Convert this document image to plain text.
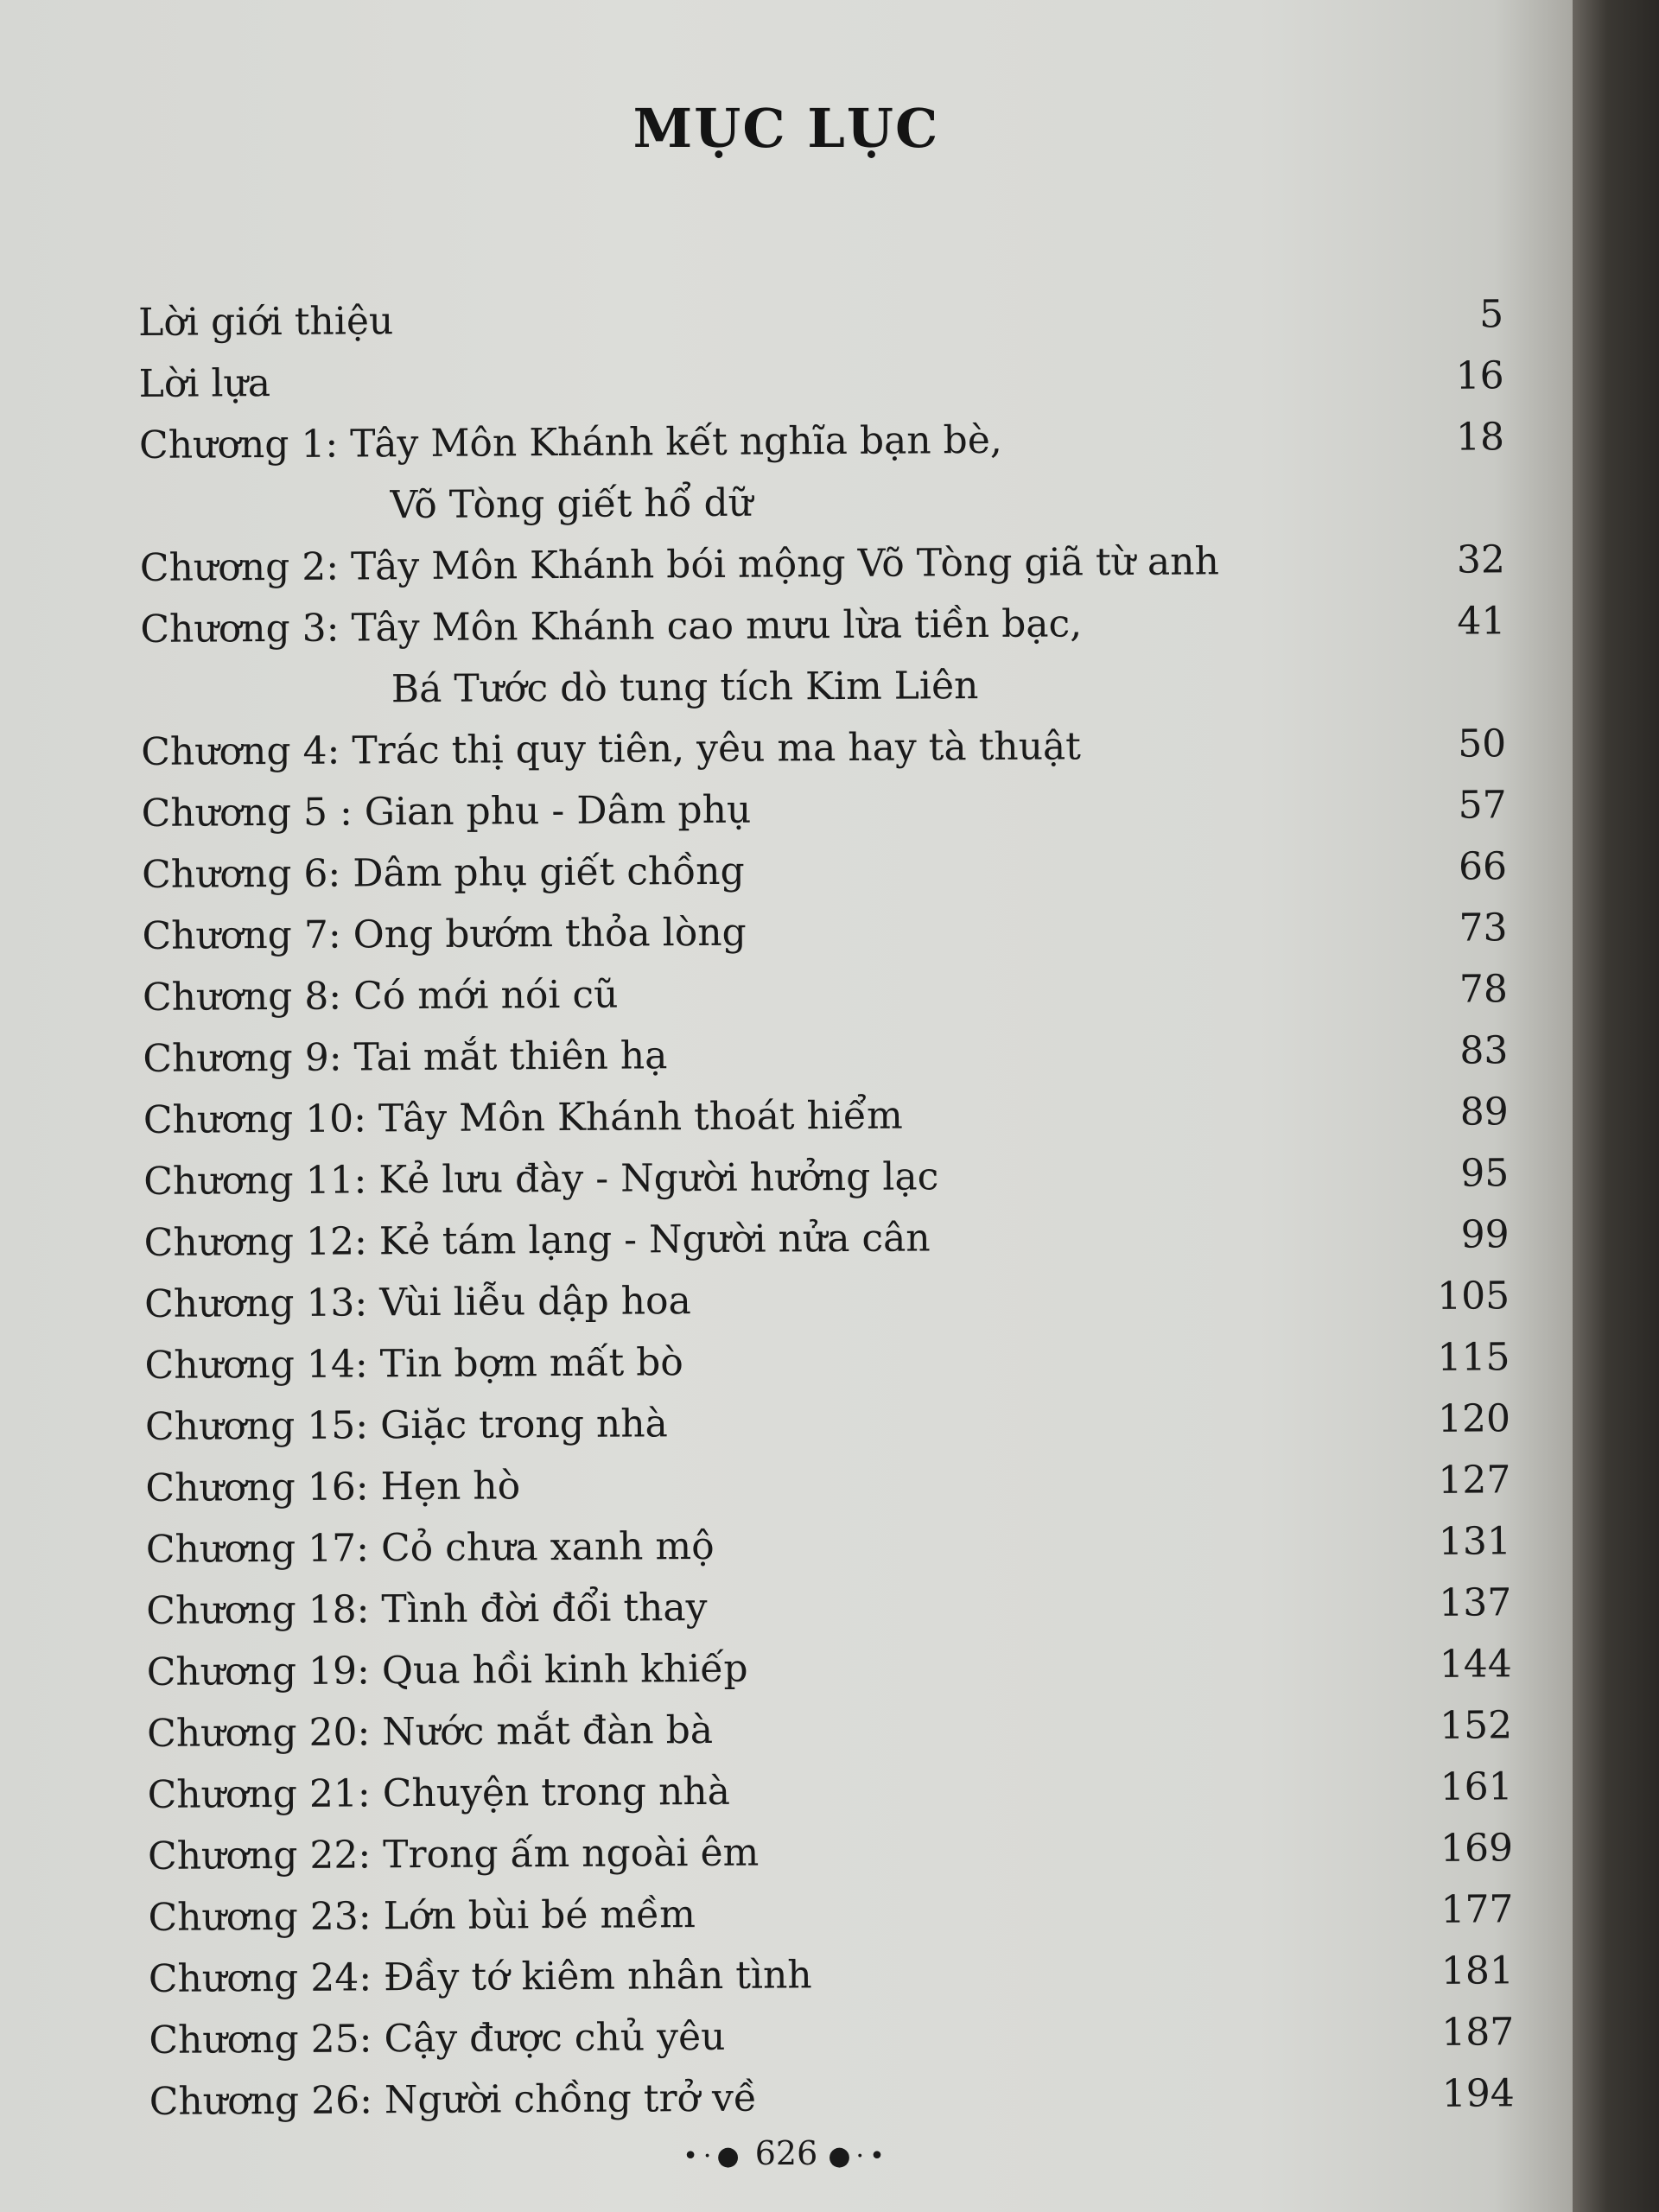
MỤC LỤC
Lời giới thiệu	5
Lời lựa	16
Chương 1: Tây Môn Khánh kết nghĩa bạn bè,	18
Võ Tòng giết hổ dữ
Chương 2: Tây Môn Khánh bói mộng Võ Tòng giã từ anh	32
Chương 3: Tây Môn Khánh cao mưu lừa tiền bạc,	41
Bá Tước dò tung tích Kim Liên
Chương 4: Trác thị quy tiên, yêu ma hay tà thuật	50
Chương 5 : Gian phu - Dâm phụ	57
Chương 6: Dâm phụ giết chồng	66
Chương 7: Ong bướm thỏa lòng	73
Chương 8: Có mới nói cũ	78
Chương 9: Tai mắt thiên hạ	83
Chương 10: Tây Môn Khánh thoát hiểm	89
Chương 11: Kẻ lưu đày - Người hưởng lạc	95
Chương 12: Kẻ tám lạng - Người nửa cân	99
Chương 13: Vùi liễu dập hoa	105
Chương 14: Tin bợm mất bò	115
Chương 15: Giặc trong nhà	120
Chương 16: Hẹn hò	127
Chương 17: Cỏ chưa xanh mộ	131
Chương 18: Tình đời đổi thay	137
Chương 19: Qua hồi kinh khiếp	144
Chương 20: Nước mắt đàn bà	152
Chương 21: Chuyện trong nhà	161
Chương 22: Trong ấm ngoài êm	169
Chương 23: Lớn bùi bé mềm	177
Chương 24: Đầy tớ kiêm nhân tình	181
Chương 25: Cậy được chủ yêu	187
Chương 26: Người chồng trở về	194
•·● 626 ●·•
